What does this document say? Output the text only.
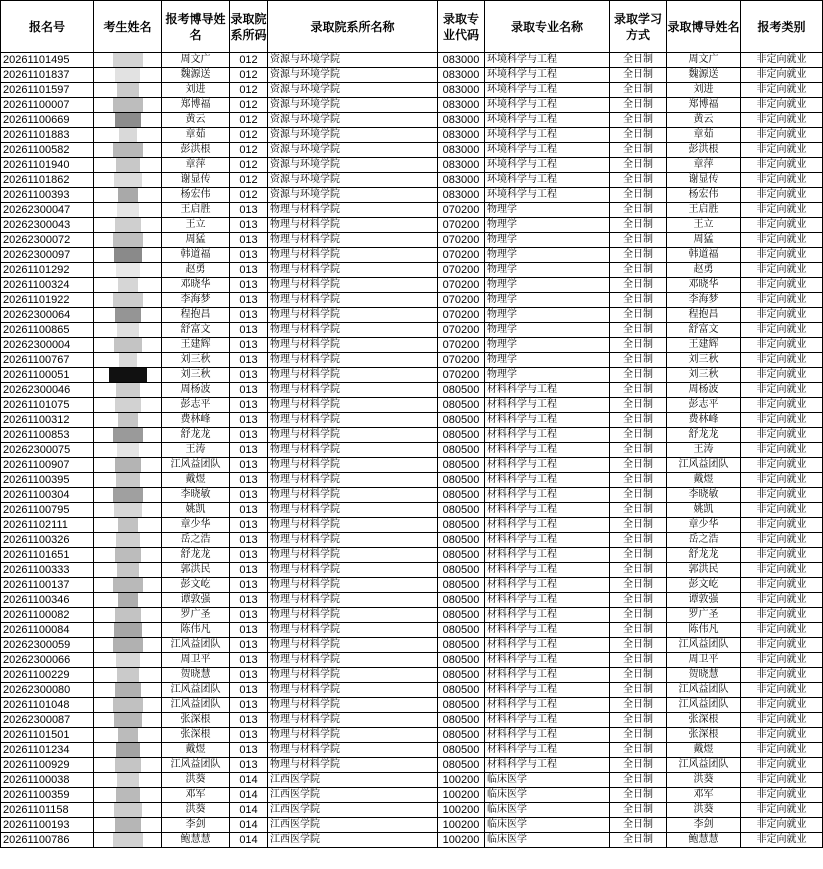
报名号	考生姓名	报考博导姓名	录取院系所码	录取院系所名称	录取专业代码	录取专业名称	录取学习方式	录取博导姓名	报考类别
20261101495		周文广	012	资源与环境学院	083000	环境科学与工程	全日制	周文广	非定向就业
20261101837		魏源送	012	资源与环境学院	083000	环境科学与工程	全日制	魏源送	非定向就业
20261101597		刘进	012	资源与环境学院	083000	环境科学与工程	全日制	刘进	非定向就业
20261100007		郑博福	012	资源与环境学院	083000	环境科学与工程	全日制	郑博福	非定向就业
20261100669		黄云	012	资源与环境学院	083000	环境科学与工程	全日制	黄云	非定向就业
20261101883		章茹	012	资源与环境学院	083000	环境科学与工程	全日制	章茹	非定向就业
20261100582		彭洪根	012	资源与环境学院	083000	环境科学与工程	全日制	彭洪根	非定向就业
20261101940		章萍	012	资源与环境学院	083000	环境科学与工程	全日制	章萍	非定向就业
20261101862		谢显传	012	资源与环境学院	083000	环境科学与工程	全日制	谢显传	非定向就业
20261100393		杨宏伟	012	资源与环境学院	083000	环境科学与工程	全日制	杨宏伟	非定向就业
20262300047		王启胜	013	物理与材料学院	070200	物理学	全日制	王启胜	非定向就业
20262300043		王立	013	物理与材料学院	070200	物理学	全日制	王立	非定向就业
20262300072		周猛	013	物理与材料学院	070200	物理学	全日制	周猛	非定向就业
20262300097		韩道福	013	物理与材料学院	070200	物理学	全日制	韩道福	非定向就业
20261101292		赵勇	013	物理与材料学院	070200	物理学	全日制	赵勇	非定向就业
20261100324		邓晓华	013	物理与材料学院	070200	物理学	全日制	邓晓华	非定向就业
20261101922		李海梦	013	物理与材料学院	070200	物理学	全日制	李海梦	非定向就业
20262300064		程抱昌	013	物理与材料学院	070200	物理学	全日制	程抱昌	非定向就业
20261100865		舒富文	013	物理与材料学院	070200	物理学	全日制	舒富文	非定向就业
20262300004		王建辉	013	物理与材料学院	070200	物理学	全日制	王建辉	非定向就业
20261100767		刘三秋	013	物理与材料学院	070200	物理学	全日制	刘三秋	非定向就业
20261100051		刘三秋	013	物理与材料学院	070200	物理学	全日制	刘三秋	非定向就业
20262300046		周杨波	013	物理与材料学院	080500	材料科学与工程	全日制	周杨波	非定向就业
20261101075		彭志平	013	物理与材料学院	080500	材料科学与工程	全日制	彭志平	非定向就业
20261100312		费林峰	013	物理与材料学院	080500	材料科学与工程	全日制	费林峰	非定向就业
20261100853		舒龙龙	013	物理与材料学院	080500	材料科学与工程	全日制	舒龙龙	非定向就业
20262300075		王涛	013	物理与材料学院	080500	材料科学与工程	全日制	王涛	非定向就业
20261100907		江风益团队	013	物理与材料学院	080500	材料科学与工程	全日制	江风益团队	非定向就业
20261100395		戴煜	013	物理与材料学院	080500	材料科学与工程	全日制	戴煜	非定向就业
20261100304		李晓敏	013	物理与材料学院	080500	材料科学与工程	全日制	李晓敏	非定向就业
20261100795		姚凯	013	物理与材料学院	080500	材料科学与工程	全日制	姚凯	非定向就业
20261102111		章少华	013	物理与材料学院	080500	材料科学与工程	全日制	章少华	非定向就业
20261100326		岳之浩	013	物理与材料学院	080500	材料科学与工程	全日制	岳之浩	非定向就业
20261101651		舒龙龙	013	物理与材料学院	080500	材料科学与工程	全日制	舒龙龙	非定向就业
20261100333		郭洪民	013	物理与材料学院	080500	材料科学与工程	全日制	郭洪民	非定向就业
20261100137		彭文屹	013	物理与材料学院	080500	材料科学与工程	全日制	彭文屹	非定向就业
20261100346		谭敦强	013	物理与材料学院	080500	材料科学与工程	全日制	谭敦强	非定向就业
20261100082		罗广圣	013	物理与材料学院	080500	材料科学与工程	全日制	罗广圣	非定向就业
20261100084		陈伟凡	013	物理与材料学院	080500	材料科学与工程	全日制	陈伟凡	非定向就业
20262300059		江风益团队	013	物理与材料学院	080500	材料科学与工程	全日制	江风益团队	非定向就业
20262300066		周卫平	013	物理与材料学院	080500	材料科学与工程	全日制	周卫平	非定向就业
20261100229		贺晓慧	013	物理与材料学院	080500	材料科学与工程	全日制	贺晓慧	非定向就业
20262300080		江风益团队	013	物理与材料学院	080500	材料科学与工程	全日制	江风益团队	非定向就业
20261101048		江风益团队	013	物理与材料学院	080500	材料科学与工程	全日制	江风益团队	非定向就业
20262300087		张深根	013	物理与材料学院	080500	材料科学与工程	全日制	张深根	非定向就业
20261101501		张深根	013	物理与材料学院	080500	材料科学与工程	全日制	张深根	非定向就业
20261101234		戴煜	013	物理与材料学院	080500	材料科学与工程	全日制	戴煜	非定向就业
20261100929		江风益团队	013	物理与材料学院	080500	材料科学与工程	全日制	江风益团队	非定向就业
20261100038		洪葵	014	江西医学院	100200	临床医学	全日制	洪葵	非定向就业
20261100359		邓军	014	江西医学院	100200	临床医学	全日制	邓军	非定向就业
20261101158		洪葵	014	江西医学院	100200	临床医学	全日制	洪葵	非定向就业
20261100193		李剑	014	江西医学院	100200	临床医学	全日制	李剑	非定向就业
20261100786		鲍慧慧	014	江西医学院	100200	临床医学	全日制	鲍慧慧	非定向就业
